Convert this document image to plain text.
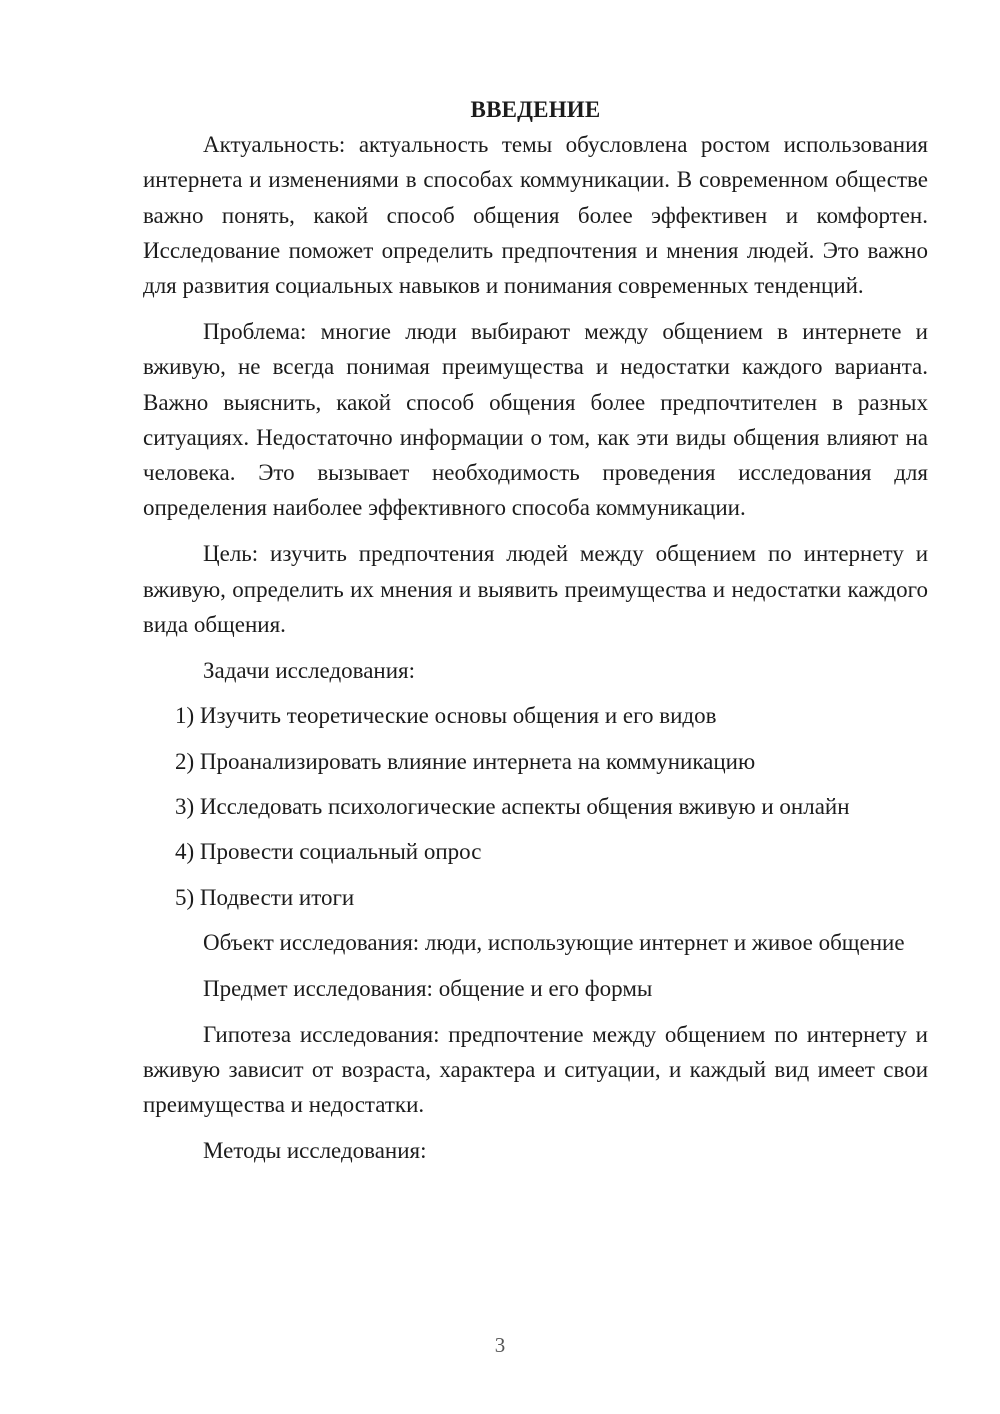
ВВЕДЕНИЕ

Актуальность: актуальность темы обусловлена ростом использования интернета и изменениями в способах коммуникации. В современном обществе важно понять, какой способ общения более эффективен и комфортен. Исследование поможет определить предпочтения и мнения людей. Это важно для развития социальных навыков и понимания современных тенденций.

Проблема: многие люди выбирают между общением в интернете и вживую, не всегда понимая преимущества и недостатки каждого варианта. Важно выяснить, какой способ общения более предпочтителен в разных ситуациях. Недостаточно информации о том, как эти виды общения влияют на человека. Это вызывает необходимость проведения исследования для определения наиболее эффективного способа коммуникации.

Цель: изучить предпочтения людей между общением по интернету и вживую, определить их мнения и выявить преимущества и недостатки каждого вида общения.

Задачи исследования:

1) Изучить теоретические основы общения и его видов
2) Проанализировать влияние интернета на коммуникацию
3) Исследовать психологические аспекты общения вживую и онлайн
4) Провести социальный опрос
5) Подвести итоги

Объект исследования: люди, использующие интернет и живое общение

Предмет исследования: общение и его формы

Гипотеза исследования: предпочтение между общением по интернету и вживую зависит от возраста, характера и ситуации, и каждый вид имеет свои преимущества и недостатки.

Методы исследования:

3
